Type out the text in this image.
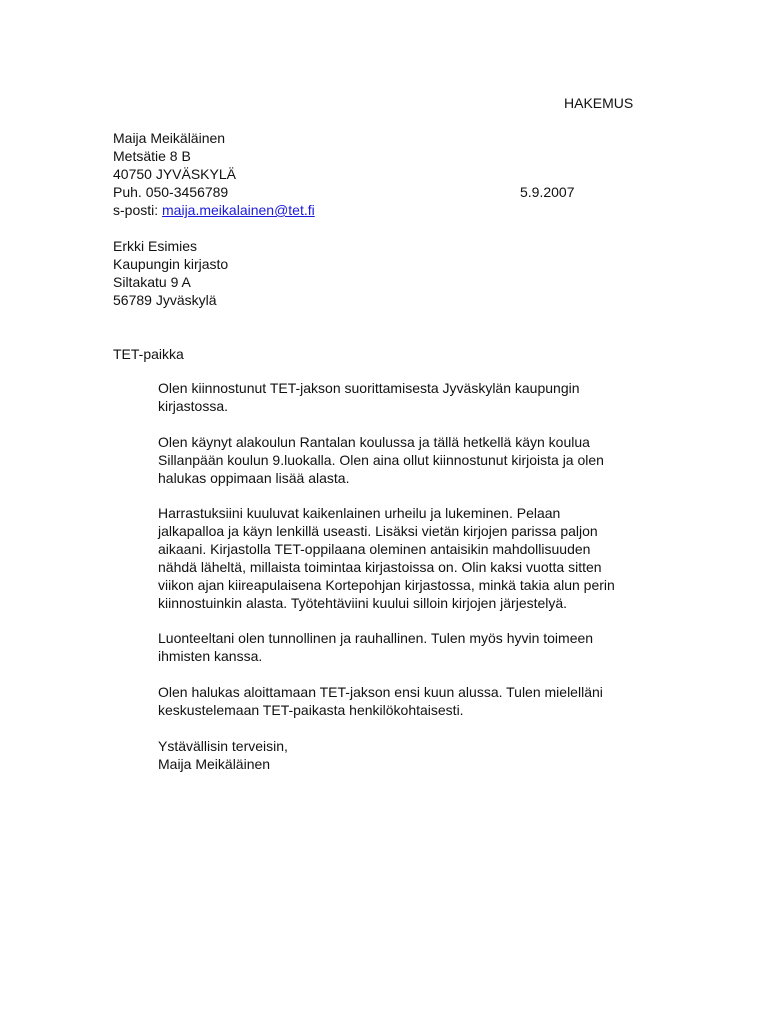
HAKEMUS
Maija Meikäläinen
Metsätie 8 B
40750 JYVÄSKYLÄ
Puh. 050-3456789
s-posti: maija.meikalainen@tet.fi
5.9.2007
Erkki Esimies
Kaupungin kirjasto
Siltakatu 9 A
56789 Jyväskylä
TET-paikka
Olen kiinnostunut TET-jakson suorittamisesta Jyväskylän kaupungin
kirjastossa.
Olen käynyt alakoulun Rantalan koulussa ja tällä hetkellä käyn koulua
Sillanpään koulun 9.luokalla. Olen aina ollut kiinnostunut kirjoista ja olen
halukas oppimaan lisää alasta.
Harrastuksiini kuuluvat kaikenlainen urheilu ja lukeminen. Pelaan
jalkapalloa ja käyn lenkillä useasti. Lisäksi vietän kirjojen parissa paljon
aikaani. Kirjastolla TET-oppilaana oleminen antaisikin mahdollisuuden
nähdä läheltä, millaista toimintaa kirjastoissa on. Olin kaksi vuotta sitten
viikon ajan kiireapulaisena Kortepohjan kirjastossa, minkä takia alun perin
kiinnostuinkin alasta. Työtehtäviini kuului silloin kirjojen järjestelyä.
Luonteeltani olen tunnollinen ja rauhallinen. Tulen myös hyvin toimeen
ihmisten kanssa.
Olen halukas aloittamaan TET-jakson ensi kuun alussa. Tulen mielelläni
keskustelemaan TET-paikasta henkilökohtaisesti.
Ystävällisin terveisin,
Maija Meikäläinen
